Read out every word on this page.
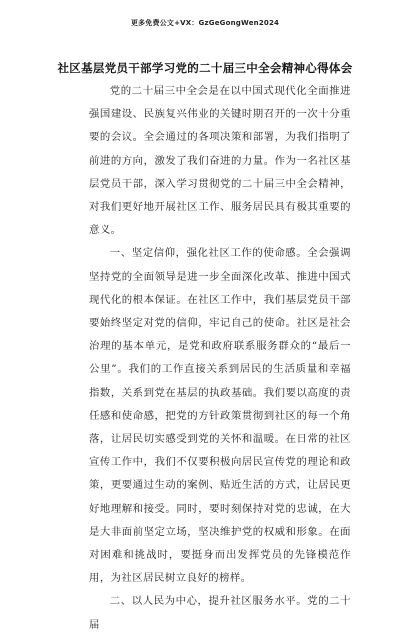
更多免费公文+VX：GzGeGongWen2024
社区基层党员干部学习党的二十届三中全会精神心得体会

党的二十届三中全会是在以中国式现代化全面推进强国建设、民族复兴伟业的关键时期召开的一次十分重要的会议。全会通过的各项决策和部署，为我们指明了前进的方向，激发了我们奋进的力量。作为一名社区基层党员干部，深入学习贯彻党的二十届三中全会精神，对我们更好地开展社区工作、服务居民具有极其重要的意义。

一、坚定信仰，强化社区工作的使命感。全会强调坚持党的全面领导是进一步全面深化改革、推进中国式现代化的根本保证。在社区工作中，我们基层党员干部要始终坚定对党的信仰，牢记自己的使命。社区是社会治理的基本单元，是党和政府联系服务群众的“最后一公里”。我们的工作直接关系到居民的生活质量和幸福指数，关系到党在基层的执政基础。我们要以高度的责任感和使命感，把党的方针政策贯彻到社区的每一个角落，让居民切实感受到党的关怀和温暖。在日常的社区宣传工作中，我们不仅要积极向居民宣传党的理论和政策，更要通过生动的案例、贴近生活的方式，让居民更好地理解和接受。同时，要时刻保持对党的忠诚，在大是大非面前坚定立场，坚决维护党的权威和形象。在面对困难和挑战时，要挺身而出发挥党员的先锋模范作用，为社区居民树立良好的榜样。

二、以人民为中心，提升社区服务水平。党的二十届
